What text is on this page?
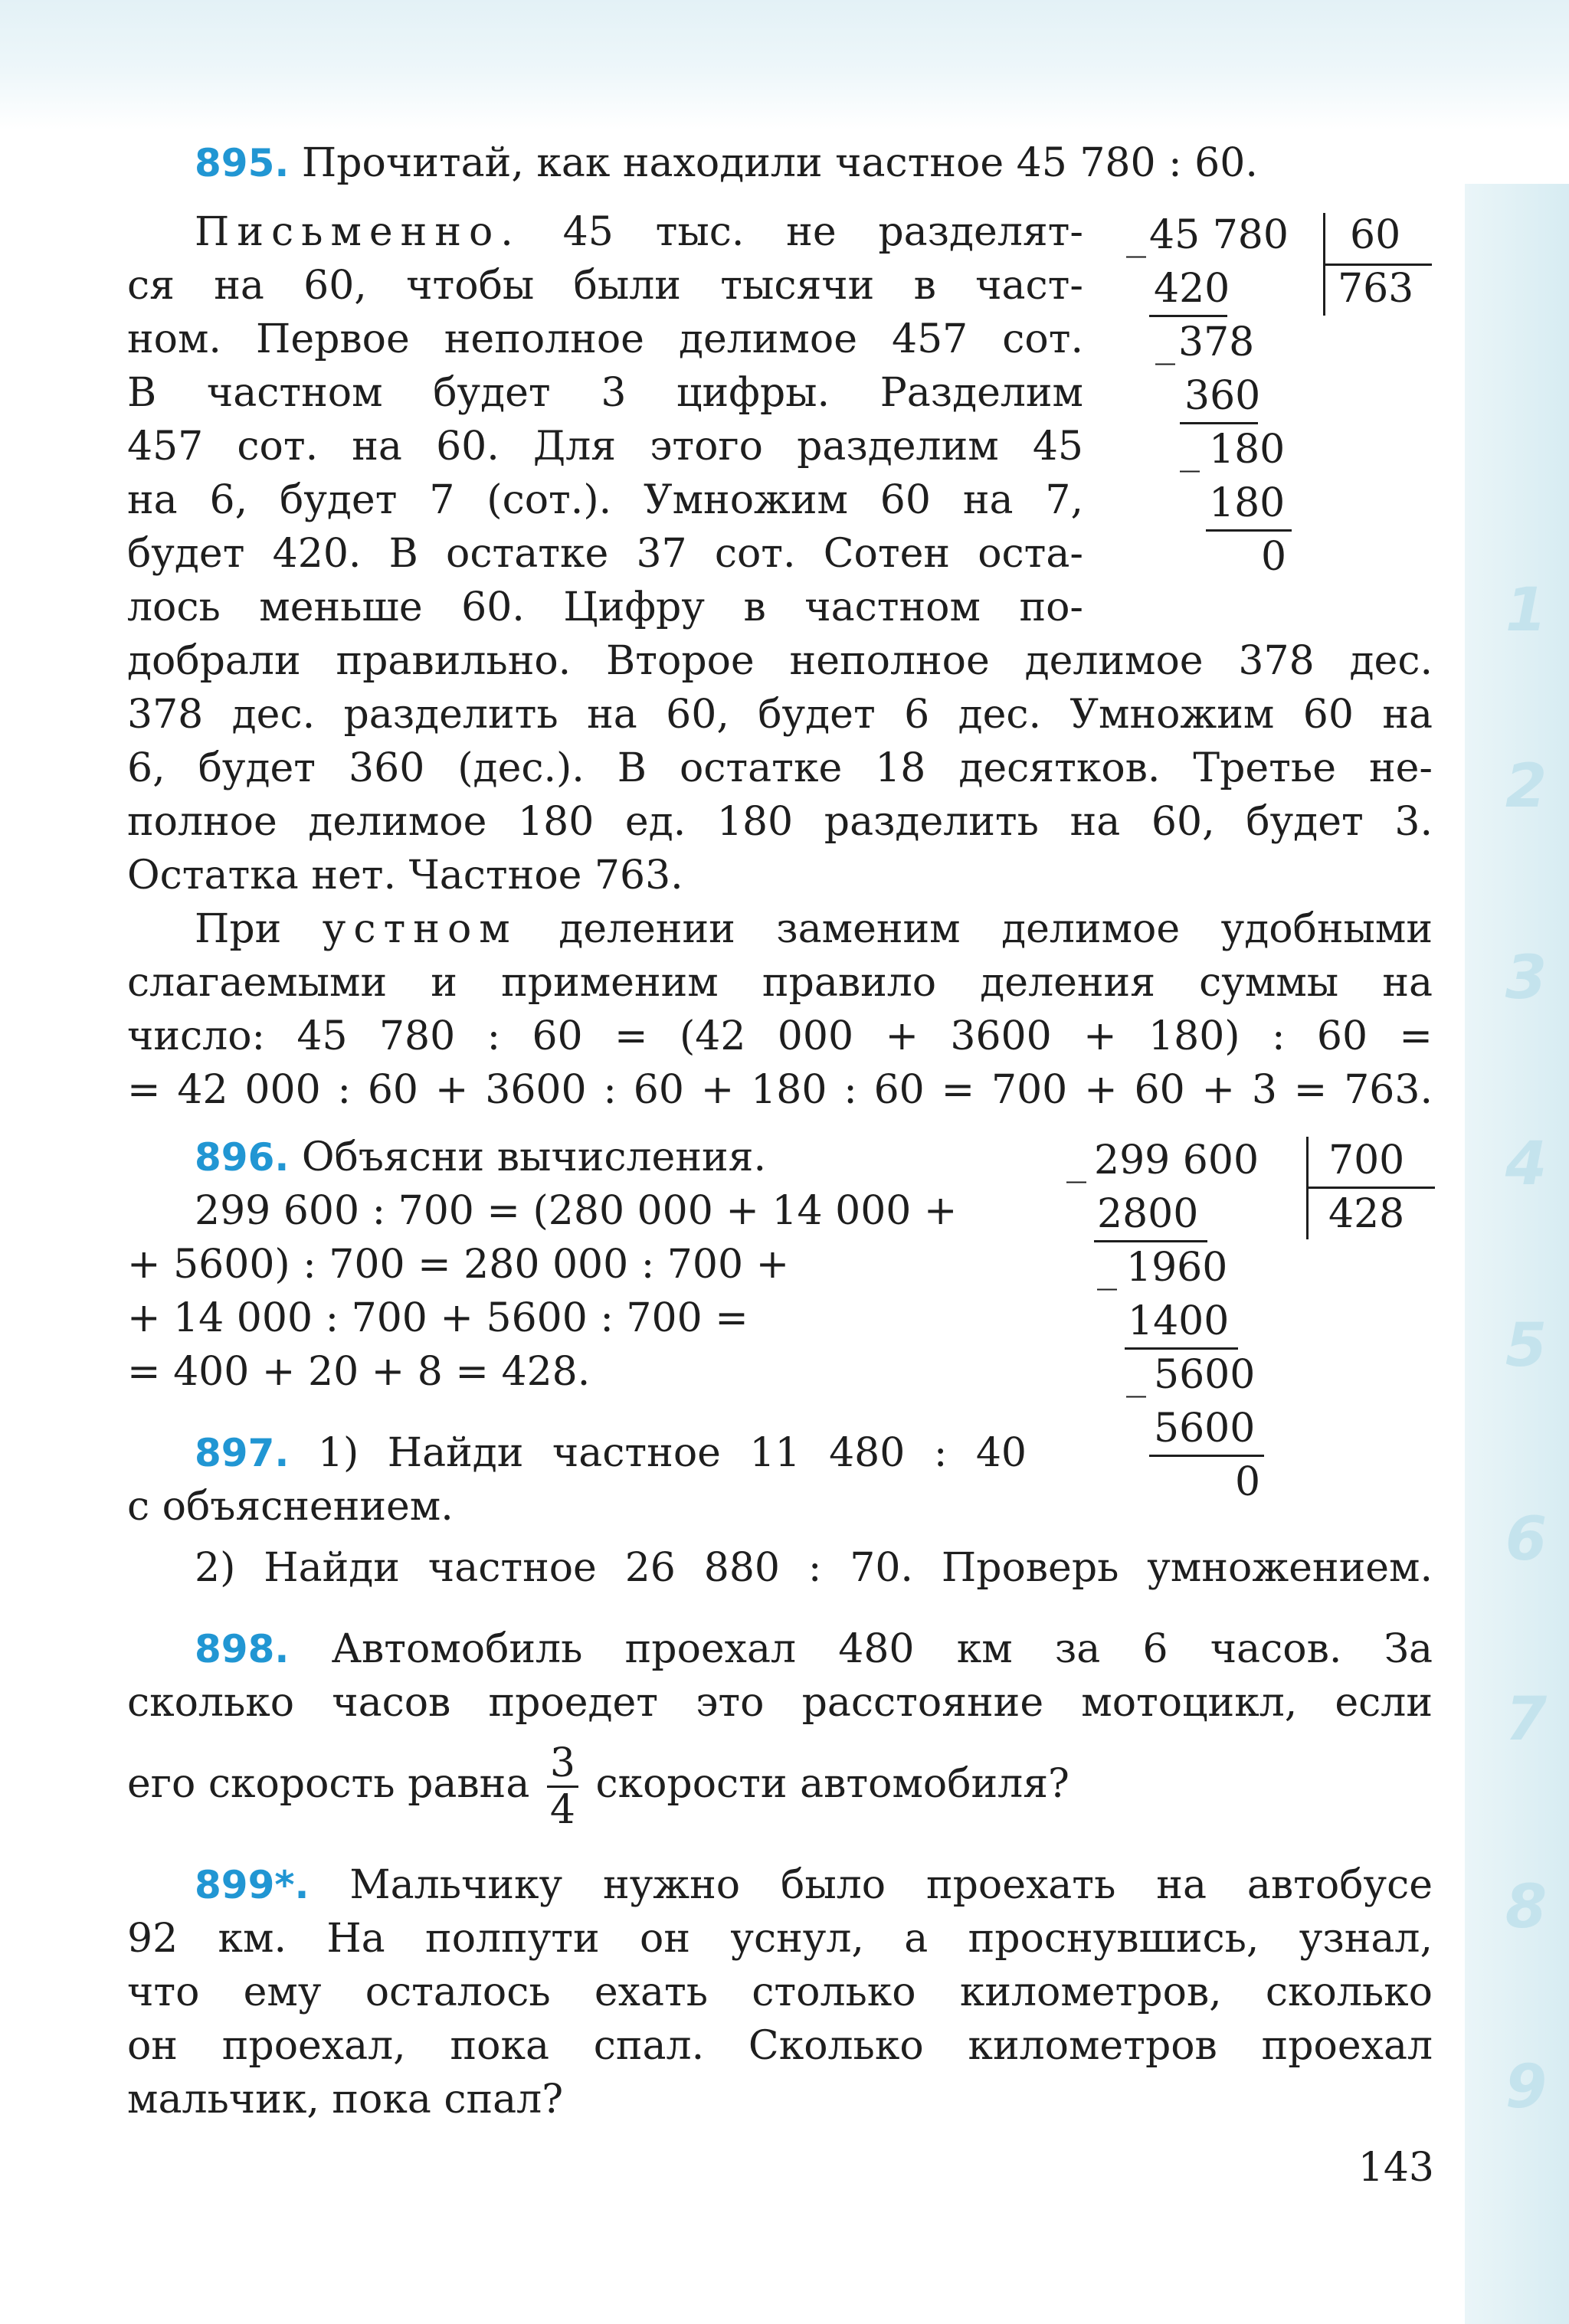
1
2
3
4
5
6
7
8
9
895. Прочитай, как находили частное 45 780 : 60.
Письменно. 45 тыс. не разделят-
ся на 60, чтобы были тысячи в част-
ном. Первое неполное делимое 457 сот.
В частном будет 3 цифры. Разделим
457 сот. на 60. Для этого разделим 45
на 6, будет 7 (сот.). Умножим 60 на 7,
будет 420. В остатке 37 сот. Сотен оста-
лось меньше 60. Цифру в частном по-
добрали правильно. Второе неполное делимое 378 дес.
378 дес. разделить на 60, будет 6 дес. Умножим 60 на
6, будет 360 (дес.). В остатке 18 десятков. Третье не-
полное делимое 180 ед. 180 разделить на 60, будет 3.
Остатка нет. Частное 763.
При устном делении заменим делимое удобными
слагаемыми и применим правило деления суммы на
число: 45 780 : 60 = (42 000 + 3600 + 180) : 60 =
= 42 000 : 60 + 3600 : 60 + 180 : 60 = 700 + 60 + 3 = 763.
_ 45 780 60
763
420
_ 378
360
_ 180
180
0
896. Объясни вычисления.
299 600 : 700 = (280 000 + 14 000 +
+ 5600) : 700 = 280 000 : 700 +
+ 14 000 : 700 + 5600 : 700 =
= 400 + 20 + 8 = 428.
_ 299 600 700
428
2800
_ 1960
1400
_ 5600
5600
0
897. 1) Найди частное 11 480 : 40
с объяснением.
2) Найди частное 26 880 : 70. Проверь умножением.
898. Автомобиль проехал 480 км за 6 часов. За
сколько часов проедет это расстояние мотоцикл, если
его скорость равна $\frac{3}{4}$ скорости автомобиля?
899*. Мальчику нужно было проехать на автобусе
92 км. На полпути он уснул, а проснувшись, узнал,
что ему осталось ехать столько километров, сколько
он проехал, пока спал. Сколько километров проехал
мальчик, пока спал?
143
